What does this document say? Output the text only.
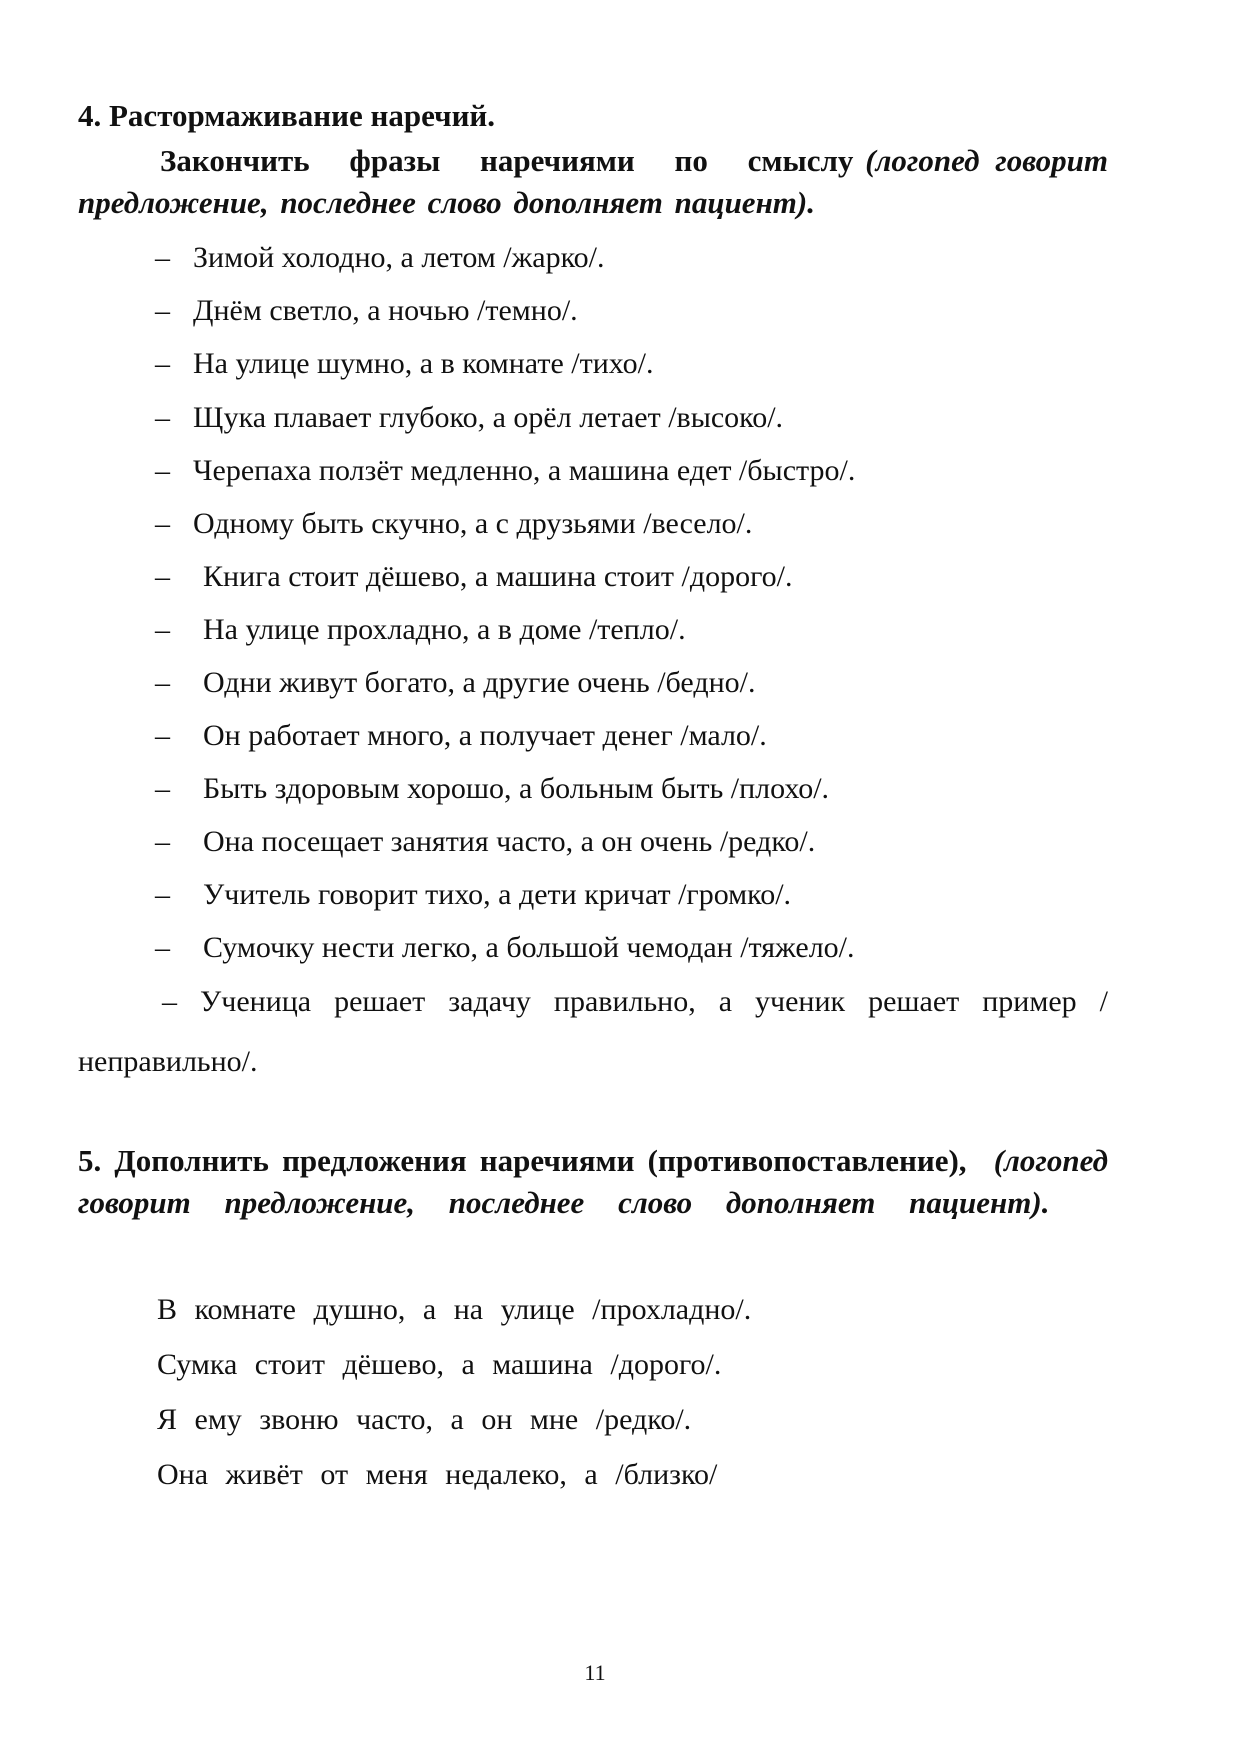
4. Растормаживание наречий.
Закончить фразы наречиями по смыслу (логопед говорит предложение, последнее слово дополняет пациент).
– Зимой холодно, а летом /жарко/.
– Днём светло, а ночью /темно/.
– На улице шумно, а в комнате /тихо/.
– Щука плавает глубоко, а орёл летает /высоко/.
– Черепаха ползёт медленно, а машина едет /быстро/.
– Одному быть скучно, а с друзьями /весело/.
– Книга стоит дёшево, а машина стоит /дорого/.
– На улице прохладно, а в доме /тепло/.
– Одни живут богато, а другие очень /бедно/.
– Он работает много, а получает денег /мало/.
– Быть здоровым хорошо, а больным быть /плохо/.
– Она посещает занятия часто, а он очень /редко/.
– Учитель говорит тихо, а дети кричат /громко/.
– Сумочку нести легко, а большой чемодан /тяжело/.
– Ученица решает задачу правильно, а ученик решает пример /неправильно/.
5. Дополнить предложения наречиями (противопоставление), (логопед говорит предложение, последнее слово дополняет пациент).
В комнате душно, а на улице /прохладно/.
Сумка стоит дёшево, а машина /дорого/.
Я ему звоню часто, а он мне /редко/.
Она живёт от меня недалеко, а /близко/
11
